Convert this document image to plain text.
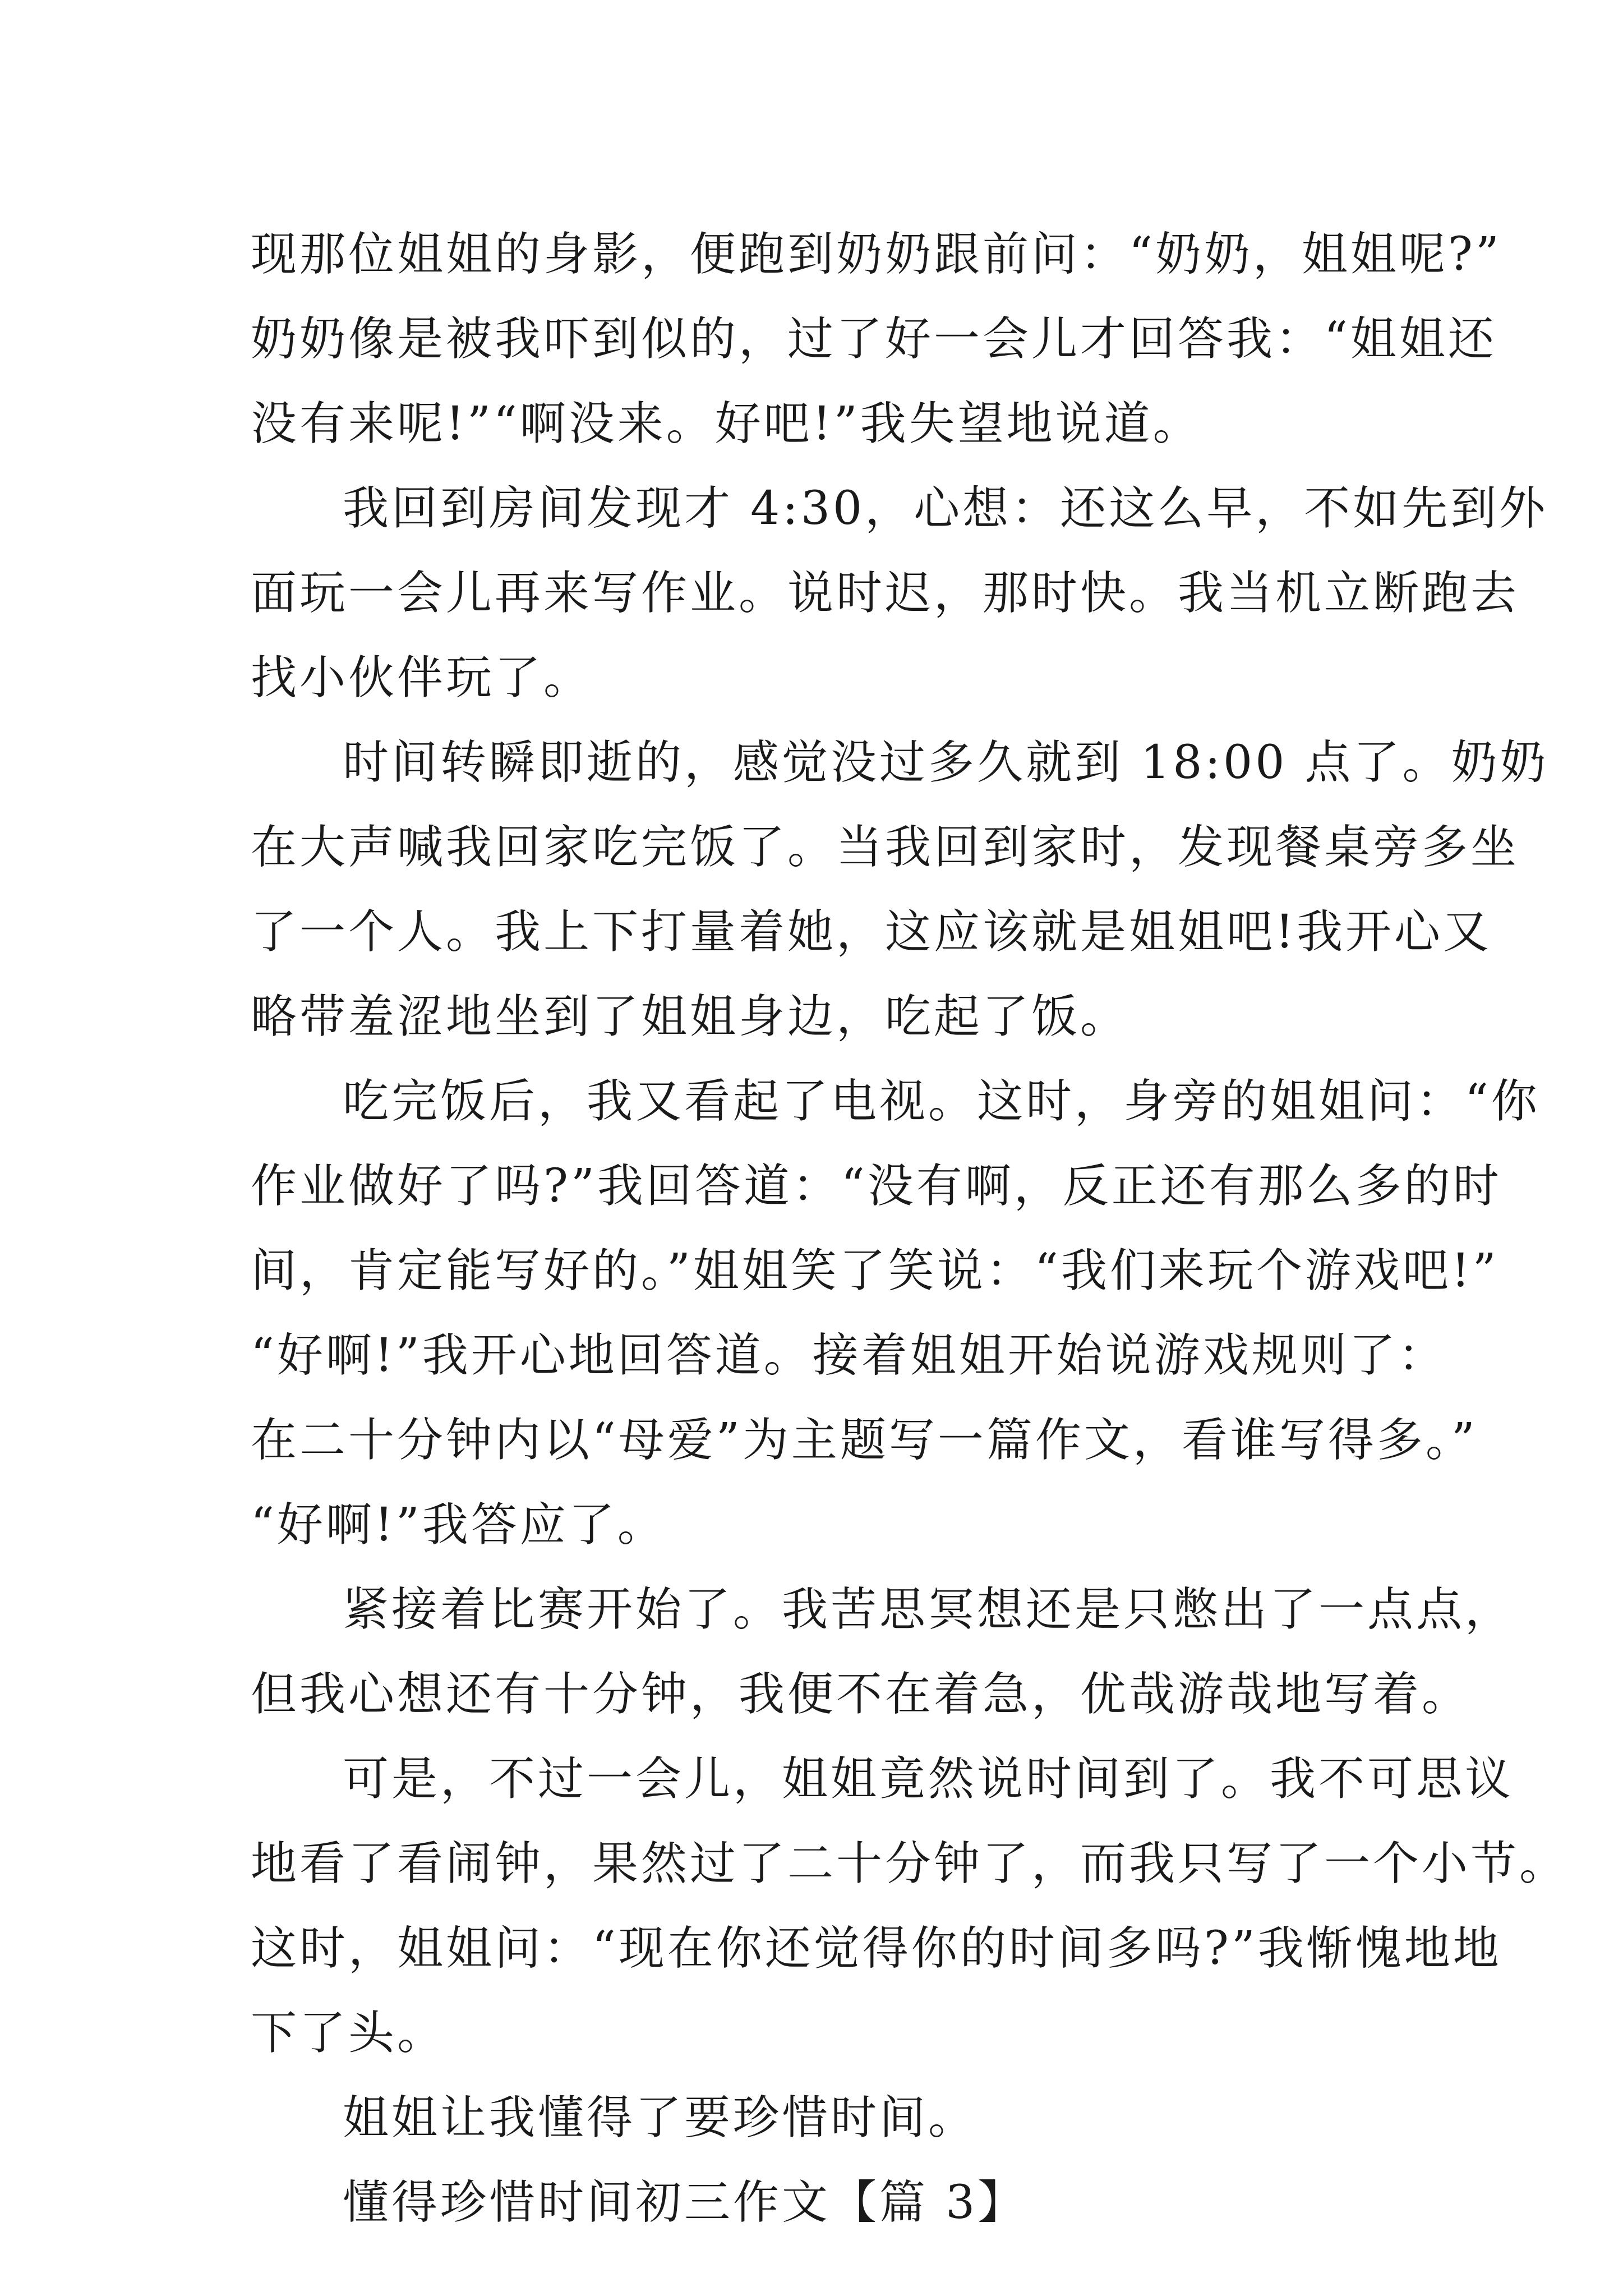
现那位姐姐的身影，便跑到奶奶跟前问：“奶奶，姐姐呢?”
奶奶像是被我吓到似的，过了好一会儿才回答我：“姐姐还
没有来呢!”“啊没来。好吧!”我失望地说道。

我回到房间发现才 4:30，心想：还这么早，不如先到外
面玩一会儿再来写作业。说时迟，那时快。我当机立断跑去
找小伙伴玩了。

时间转瞬即逝的，感觉没过多久就到 18:00 点了。奶奶
在大声喊我回家吃完饭了。当我回到家时，发现餐桌旁多坐
了一个人。我上下打量着她，这应该就是姐姐吧!我开心又
略带羞涩地坐到了姐姐身边，吃起了饭。

吃完饭后，我又看起了电视。这时，身旁的姐姐问：“你
作业做好了吗?”我回答道：“没有啊，反正还有那么多的时
间，肯定能写好的。”姐姐笑了笑说：“我们来玩个游戏吧!”
“好啊!”我开心地回答道。接着姐姐开始说游戏规则了：
在二十分钟内以“母爱”为主题写一篇作文，看谁写得多。”
“好啊!”我答应了。

紧接着比赛开始了。我苦思冥想还是只憋出了一点点，
但我心想还有十分钟，我便不在着急，优哉游哉地写着。

可是，不过一会儿，姐姐竟然说时间到了。我不可思议
地看了看闹钟，果然过了二十分钟了，而我只写了一个小节。
这时，姐姐问：“现在你还觉得你的时间多吗?”我惭愧地地
下了头。

姐姐让我懂得了要珍惜时间。

懂得珍惜时间初三作文【篇 3】
